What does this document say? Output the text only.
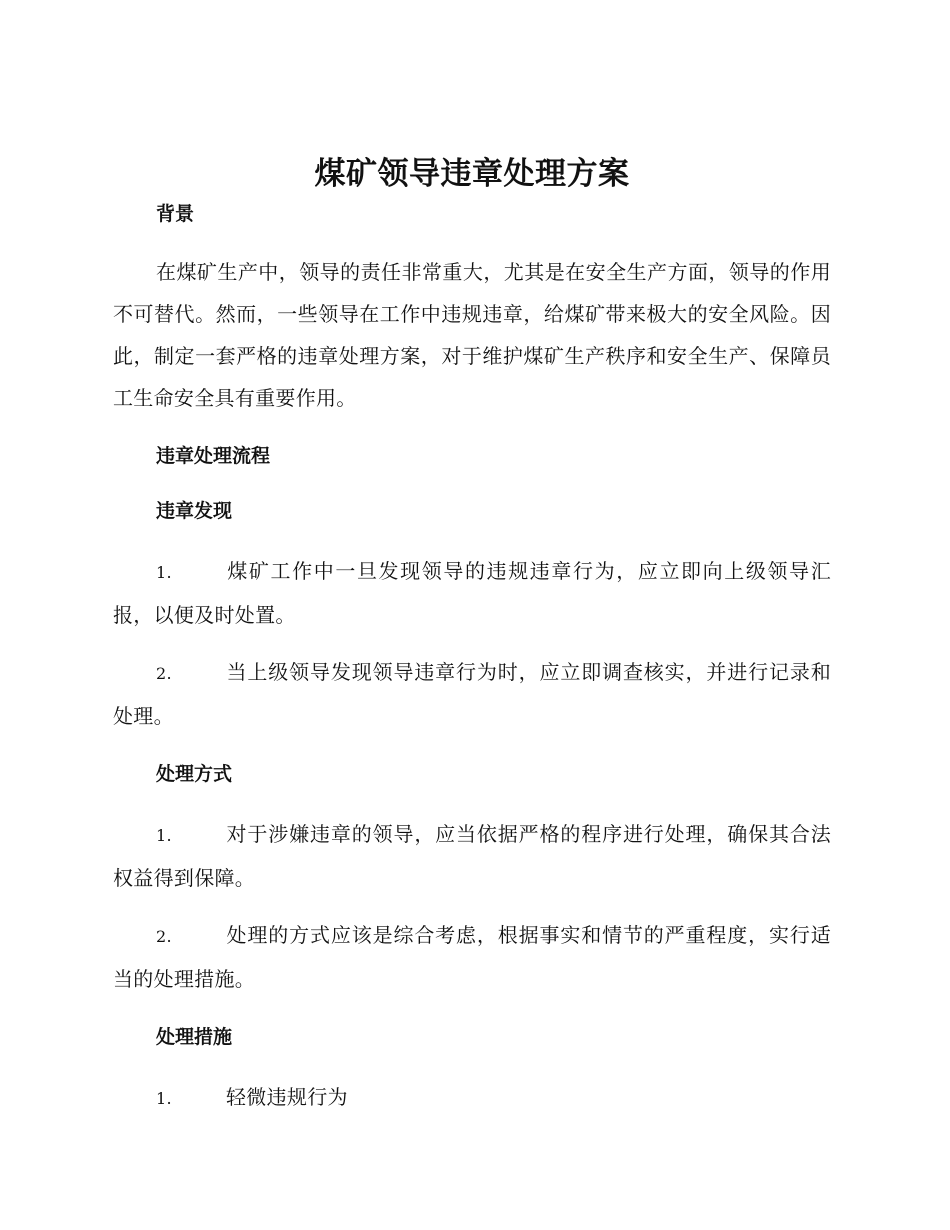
煤矿领导违章处理方案
背景

在煤矿生产中，领导的责任非常重大，尤其是在安全生产方面，领导的作用不可替代。然而，一些领导在工作中违规违章，给煤矿带来极大的安全风险。因此，制定一套严格的违章处理方案，对于维护煤矿生产秩序和安全生产、保障员工生命安全具有重要作用。

违章处理流程
违章发现

1.	煤矿工作中一旦发现领导的违规违章行为，应立即向上级领导汇报，以便及时处置。

2.	当上级领导发现领导违章行为时，应立即调查核实，并进行记录和处理。

处理方式

1.	对于涉嫌违章的领导，应当依据严格的程序进行处理，确保其合法权益得到保障。

2.	处理的方式应该是综合考虑，根据事实和情节的严重程度，实行适当的处理措施。

处理措施

1.	轻微违规行为
